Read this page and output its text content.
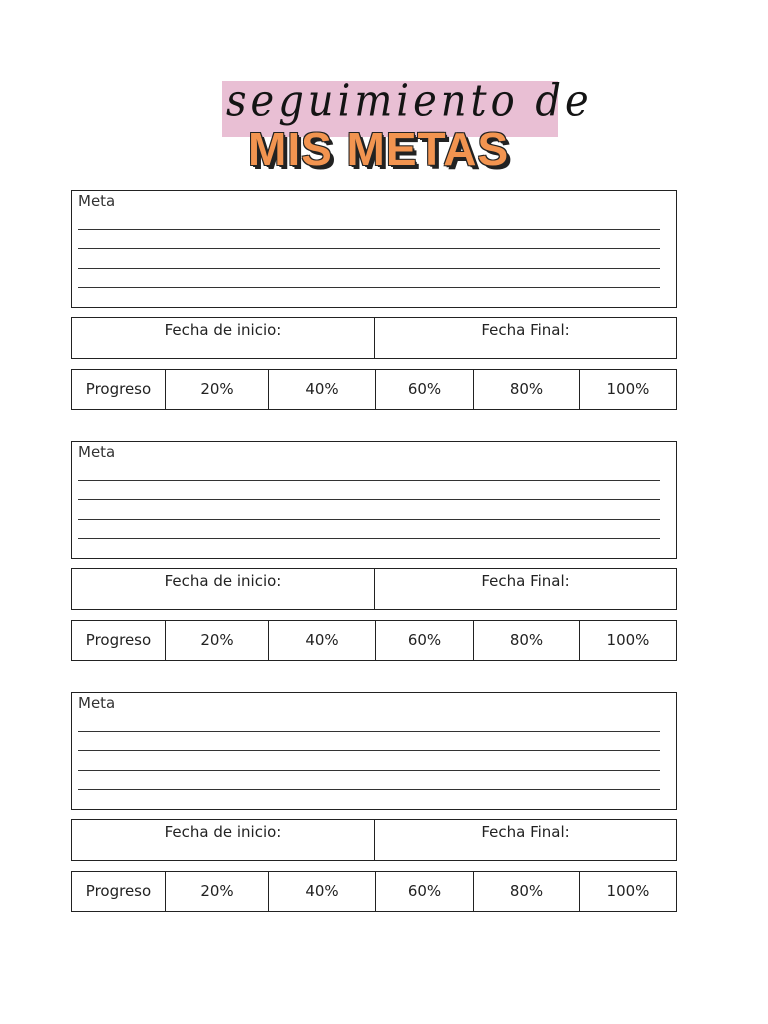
seguimiento de
MIS METAS
Meta
Fecha de inicio:	Fecha Final:
Progreso	20%	40%	60%	80%	100%
Meta
Fecha de inicio:	Fecha Final:
Progreso	20%	40%	60%	80%	100%
Meta
Fecha de inicio:	Fecha Final:
Progreso	20%	40%	60%	80%	100%
